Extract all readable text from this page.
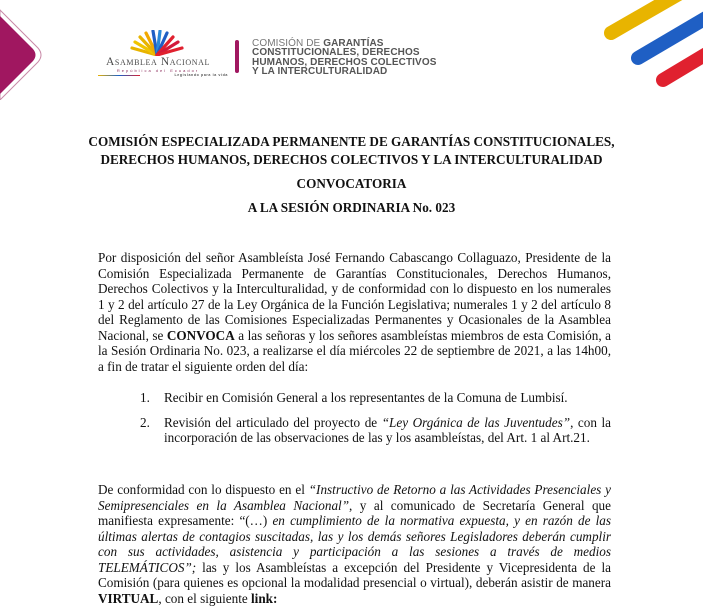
Asamblea Nacional
República del Ecuador
Legislando para la vida
COMISIÓN DE GARANTÍAS
CONSTITUCIONALES, DERECHOS
HUMANOS, DERECHOS COLECTIVOS
Y LA INTERCULTURALIDAD
COMISIÓN ESPECIALIZADA PERMANENTE DE GARANTÍAS CONSTITUCIONALES,
DERECHOS HUMANOS, DERECHOS COLECTIVOS Y LA INTERCULTURALIDAD
CONVOCATORIA
A LA SESIÓN ORDINARIA No. 023

Por disposición del señor Asambleísta José Fernando Cabascango Collaguazo, Presidente de la Comisión Especializada Permanente de Garantías Constitucionales, Derechos Humanos, Derechos Colectivos y la Interculturalidad, y de conformidad con lo dispuesto en los numerales 1 y 2 del artículo 27 de la Ley Orgánica de la Función Legislativa; numerales 1 y 2 del artículo 8 del Reglamento de las Comisiones Especializadas Permanentes y Ocasionales de la Asamblea Nacional, se CONVOCA a las señoras y los señores asambleístas miembros de esta Comisión, a la Sesión Ordinaria No. 023, a realizarse el día miércoles 22 de septiembre de 2021, a las 14h00, a fin de tratar el siguiente orden del día:

1. Recibir en Comisión General a los representantes de la Comuna de Lumbisí.
2. Revisión del articulado del proyecto de “Ley Orgánica de las Juventudes”, con la incorporación de las observaciones de las y los asambleístas, del Art. 1 al Art.21.

De conformidad con lo dispuesto en el “Instructivo de Retorno a las Actividades Presenciales y Semipresenciales en la Asamblea Nacional”, y al comunicado de Secretaría General que manifiesta expresamente: “(…) en cumplimiento de la normativa expuesta, y en razón de las últimas alertas de contagios suscitadas, las y los demás señores Legisladores deberán cumplir con sus actividades, asistencia y participación a las sesiones a través de medios TELEMÁTICOS”; las y los Asambleístas a excepción del Presidente y Vicepresidenta de la Comisión (para quienes es opcional la modalidad presencial o virtual), deberán asistir de manera VIRTUAL, con el siguiente link:
